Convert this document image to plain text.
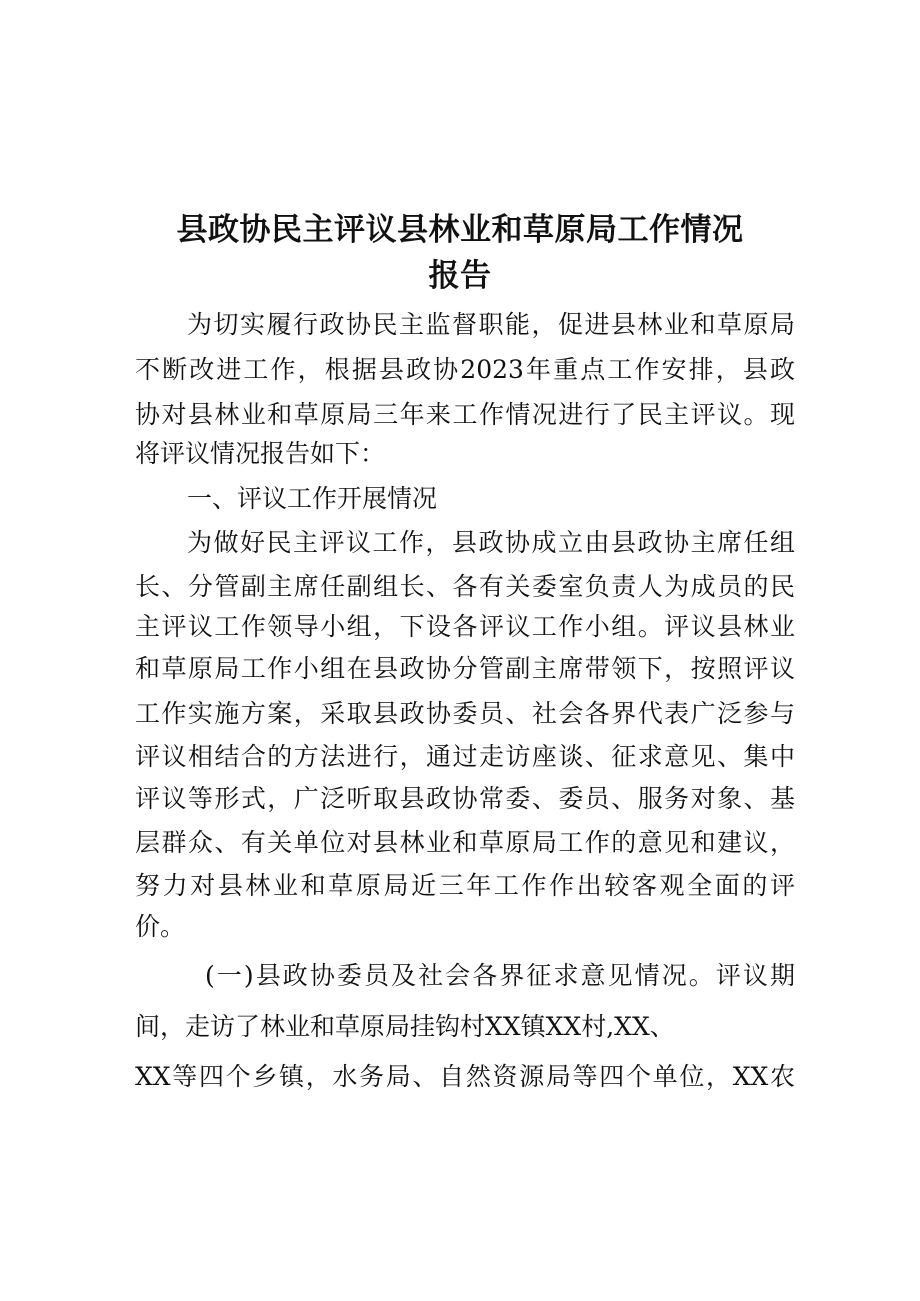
县政协民主评议县林业和草原局工作情况
报告
为切实履行政协民主监督职能，促进县林业和草原局
不断改进工作，根据县政协2023年重点工作安排，县政
协对县林业和草原局三年来工作情况进行了民主评议。现
将评议情况报告如下：
一、评议工作开展情况
为做好民主评议工作，县政协成立由县政协主席任组
长、分管副主席任副组长、各有关委室负责人为成员的民
主评议工作领导小组，下设各评议工作小组。评议县林业
和草原局工作小组在县政协分管副主席带领下，按照评议
工作实施方案，采取县政协委员、社会各界代表广泛参与
评议相结合的方法进行，通过走访座谈、征求意见、集中
评议等形式，广泛听取县政协常委、委员、服务对象、基
层群众、有关单位对县林业和草原局工作的意见和建议，
努力对县林业和草原局近三年工作作出较客观全面的评
价。
(一)县政协委员及社会各界征求意见情况。评议期
间，走访了林业和草原局挂钩村XX镇XX村,XX、
XX等四个乡镇，水务局、自然资源局等四个单位，XX农
